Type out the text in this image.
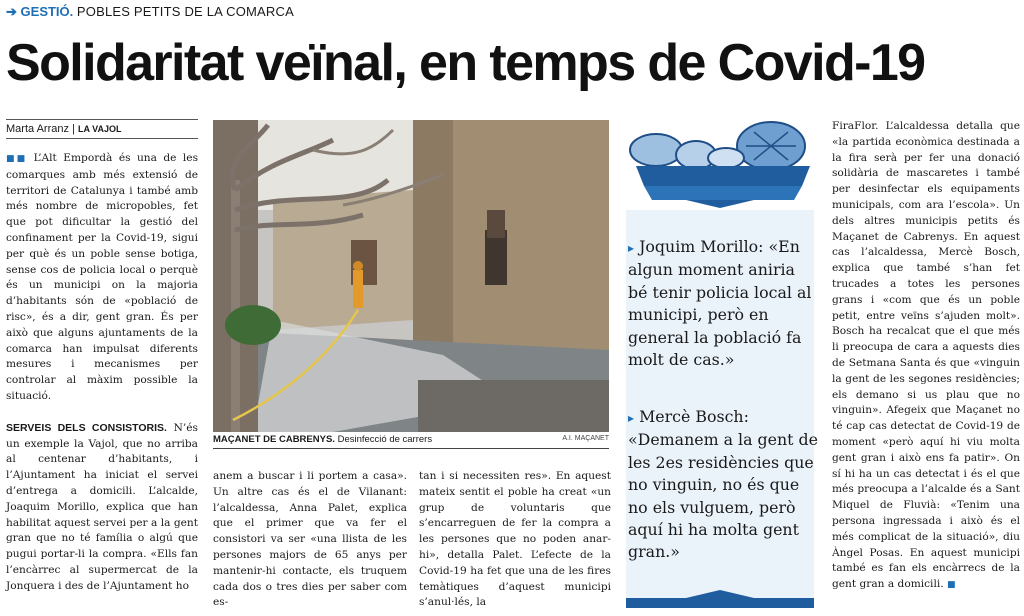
➔ GESTIÓ. POBLES PETITS DE LA COMARCA
Solidaritat veïnal, en temps de Covid-19
Marta Arranz | LA VAJOL

■■ L’Alt Empordà és una de les comarques amb més extensió de territori de Catalunya i també amb més nombre de micropobles, fet que pot dificultar la gestió del confinament per la Covid-19, sigui per què és un poble sense botiga, sense cos de policia local o perquè és un municipi on la majoria d’habitants són de «població de risc», és a dir, gent gran. És per això que alguns ajuntaments de la comarca han impulsat diferents mesures i mecanismes per controlar al màxim possible la situació.

SERVEIS DELS CONSISTORIS. N’és un exemple la Vajol, que no arriba al centenar d’habitants, i l’Ajuntament ha iniciat el servei d’entrega a domicili. L’alcalde, Joaquim Morillo, explica que han habilitat aquest servei per a la gent gran que no té família o algú que pugui portar-li la compra. «Ells fan l’encàrrec al supermercat de la Jonquera i des de l’Ajuntament ho

MAÇANET DE CABRENYS. Desinfecció de carrers	A.I. MAÇANET

anem a buscar i li portem a casa». Un altre cas és el de Vilanant: l’alcaldessa, Anna Palet, explica que el primer que va fer el consistori va ser «una llista de les persones majors de 65 anys per mantenir-hi contacte, els truquem cada dos o tres dies per saber com es-

tan i si necessiten res». En aquest mateix sentit el poble ha creat «un grup de voluntaris que s’encarreguen de fer la compra a les persones que no poden anar-hi», detalla Palet. L’efecte de la Covid-19 ha fet que una de les fires temàtiques d’aquest municipi s’anul·lés, la

▸ Joquim Morillo: «En algun moment aniria bé tenir policia local al municipi, però en general la població fa molt de cas.»
▸ Mercè Bosch: «Demanem a la gent de les 2es residències que no vinguin, no és que no els vulguem, però aquí hi ha molta gent gran.»

FiraFlor. L’alcaldessa detalla que «la partida econòmica destinada a la fira serà per fer una donació solidària de mascaretes i també per desinfectar els equipaments municipals, com ara l’escola». Un dels altres municipis petits és Maçanet de Cabrenys. En aquest cas l’alcaldessa, Mercè Bosch, explica que també s’han fet trucades a totes les persones grans i «com que és un poble petit, entre veïns s’ajuden molt». Bosch ha recalcat que el que més li preocupa de cara a aquests dies de Setmana Santa és que «vinguin la gent de les segones residències; els demano si us plau que no vinguin». Afegeix que Maçanet no té cap cas detectat de Covid-19 de moment «però aquí hi viu molta gent gran i això ens fa patir». On sí hi ha un cas detectat i és el que més preocupa a l’alcalde és a Sant Miquel de Fluvià: «Tenim una persona ingressada i això és el més complicat de la situació», diu Àngel Posas. En aquest municipi també es fan els encàrrecs de la gent gran a domicili. ■
